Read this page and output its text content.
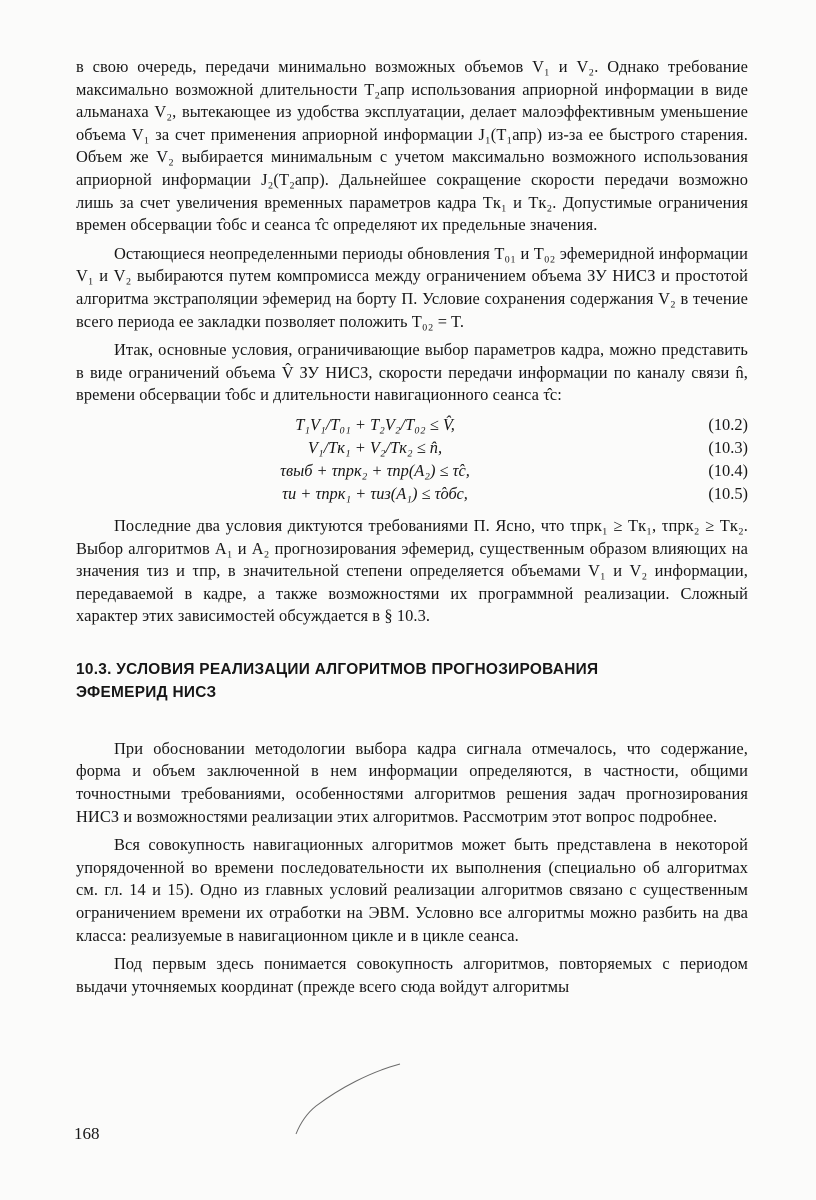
в свою очередь, передачи минимально возможных объемов V₁ и V₂. Однако требование максимально возможной длительности T₂апр использования априорной информации в виде альманаха V₂, вытекающее из удобства эксплуатации, делает малоэффективным уменьшение объема V₁ за счет применения априорной информации J₁(T₁апр) из-за ее быстрого старения. Объем же V₂ выбирается минимальным с учетом максимально возможного использования априорной информации J₂(T₂апр). Дальнейшее сокращение скорости передачи возможно лишь за счет увеличения временных параметров кадра Tк₁ и Tк₂. Допустимые ограничения времен обсервации τ̂обс и сеанса τ̂с определяют их предельные значения.

Остающиеся неопределенными периоды обновления T₀₁ и T₀₂ эфемеридной информации V₁ и V₂ выбираются путем компромисса между ограничением объема ЗУ НИСЗ и простотой алгоритма экстраполяции эфемерид на борту П. Условие сохранения содержания V₂ в течение всего периода ее закладки позволяет положить T₀₂ = T.

Итак, основные условия, ограничивающие выбор параметров кадра, можно представить в виде ограничений объема V̂ ЗУ НИСЗ, скорости передачи информации по каналу связи n̂, времени обсервации τ̂обс и длительности навигационного сеанса τ̂с:

T₁V₁/T₀₁ + T₂V₂/T₀₂ ≤ V̂,	(10.2)
V₁/Tк₁ + V₂/Tк₂ ≤ n̂,	(10.3)
τвыб + τпрк₂ + τпр(A₂) ≤ τ̂с,	(10.4)
τи + τпрк₁ + τиз(A₁) ≤ τ̂обс,	(10.5)

Последние два условия диктуются требованиями П. Ясно, что τпрк₁ ≥ Tк₁, τпрк₂ ≥ Tк₂. Выбор алгоритмов A₁ и A₂ прогнозирования эфемерид, существенным образом влияющих на значения τиз и τпр, в значительной степени определяется объемами V₁ и V₂ информации, передаваемой в кадре, а также возможностями их программной реализации. Сложный характер этих зависимостей обсуждается в § 10.3.

10.3. УСЛОВИЯ РЕАЛИЗАЦИИ АЛГОРИТМОВ ПРОГНОЗИРОВАНИЯ
ЭФЕМЕРИД НИСЗ

При обосновании методологии выбора кадра сигнала отмечалось, что содержание, форма и объем заключенной в нем информации определяются, в частности, общими точностными требованиями, особенностями алгоритмов решения задач прогнозирования НИСЗ и возможностями реализации этих алгоритмов. Рассмотрим этот вопрос подробнее.

Вся совокупность навигационных алгоритмов может быть представлена в некоторой упорядоченной во времени последовательности их выполнения (специально об алгоритмах см. гл. 14 и 15). Одно из главных условий реализации алгоритмов связано с существенным ограничением времени их отработки на ЭВМ. Условно все алгоритмы можно разбить на два класса: реализуемые в навигационном цикле и в цикле сеанса.

Под первым здесь понимается совокупность алгоритмов, повторяемых с периодом выдачи уточняемых координат (прежде всего сюда войдут алгоритмы

168
